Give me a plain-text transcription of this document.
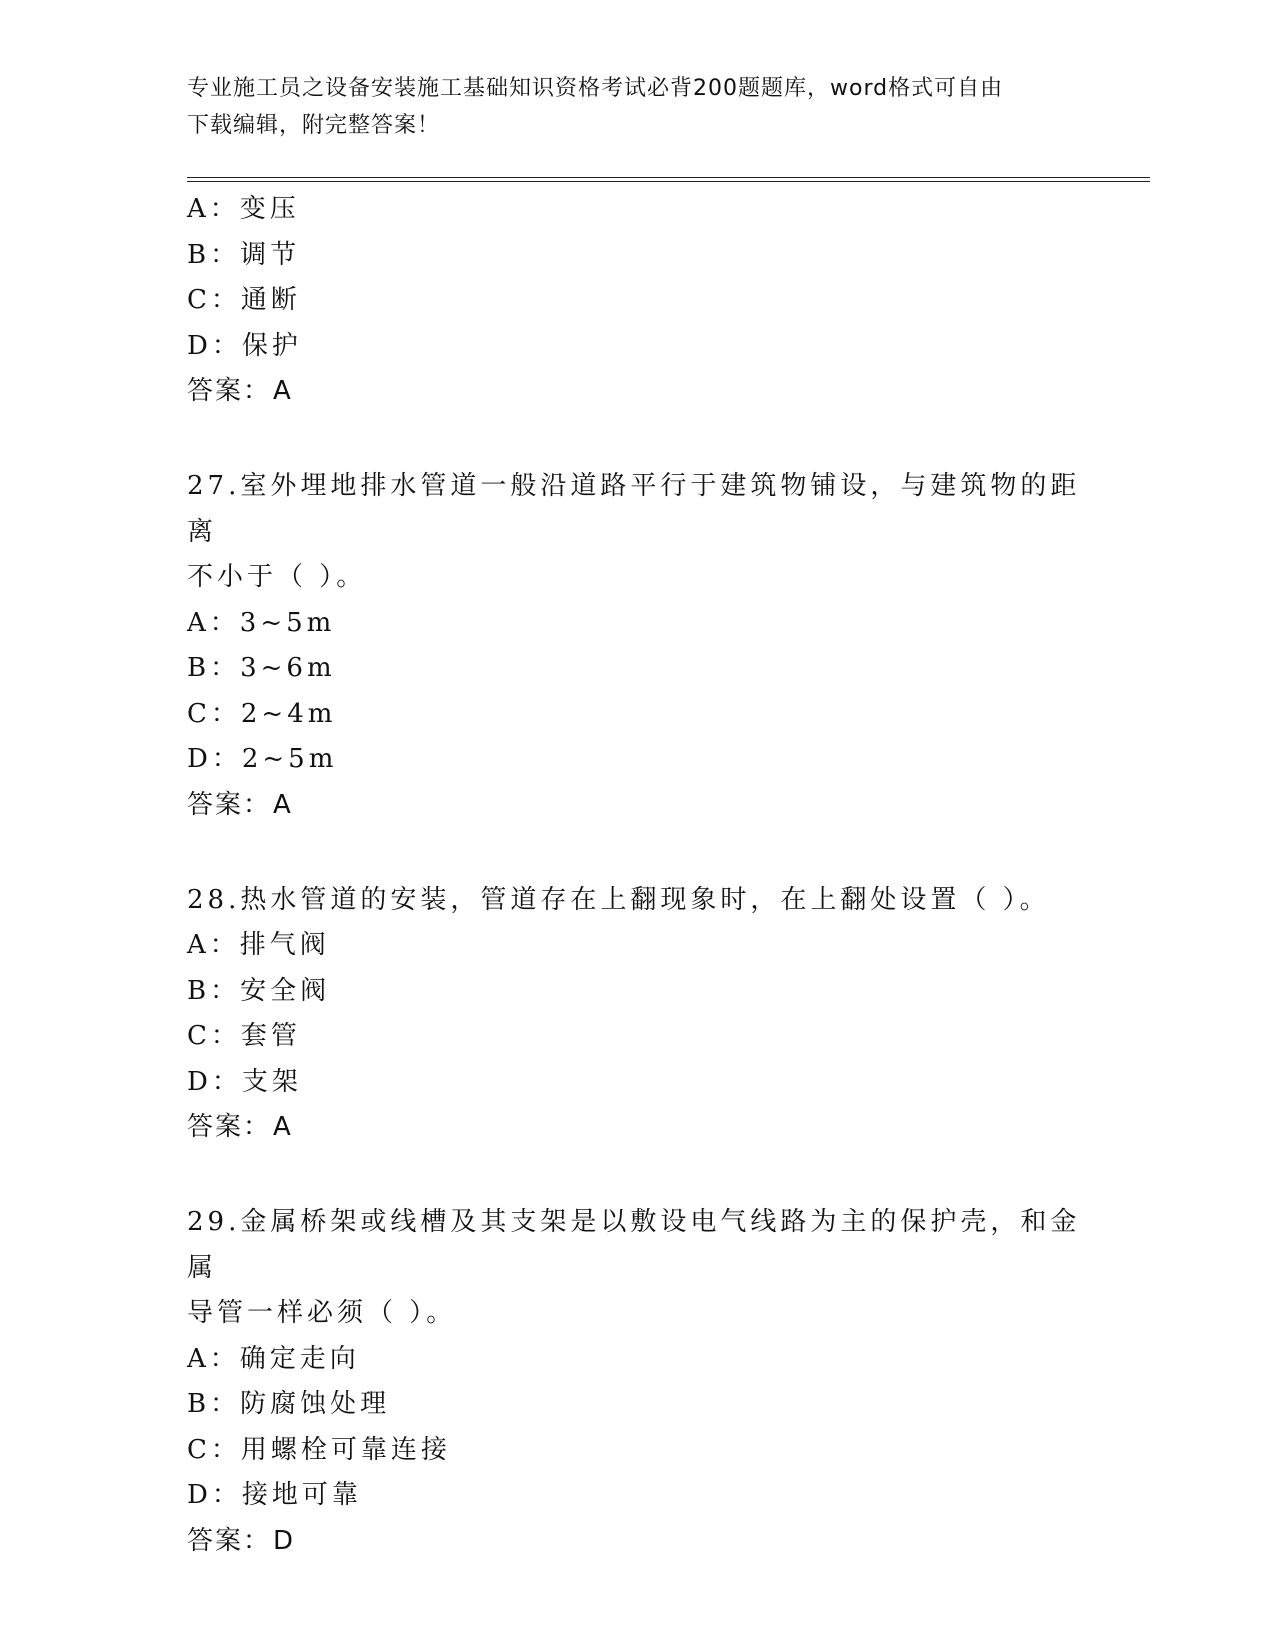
专业施工员之设备安装施工基础知识资格考试必背200题题库，word格式可自由
下载编辑，附完整答案！
A：变压
B：调节
C：通断
D：保护
答案：A
27.室外埋地排水管道一般沿道路平行于建筑物铺设，与建筑物的距离
不小于（ ）。
A：3~5m
B：3~6m
C：2~4m
D：2~5m
答案：A
28.热水管道的安装，管道存在上翻现象时，在上翻处设置（ ）。
A：排气阀
B：安全阀
C：套管
D：支架
答案：A
29.金属桥架或线槽及其支架是以敷设电气线路为主的保护壳，和金属
导管一样必须（ ）。
A：确定走向
B：防腐蚀处理
C：用螺栓可靠连接
D：接地可靠
答案：D
